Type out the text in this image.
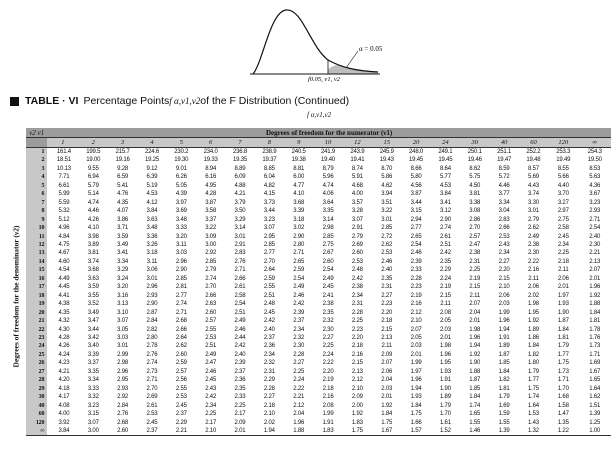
α = 0.05
f0.05, ν1, ν2
TABLE · VI Percentage Points f α,ν1,ν2 of the F Distribution (Continued)
f α,ν1,ν2
Degrees of freedom for the denominator (ν2)
ν2 ν1	Degrees of freedom for the numerator (ν1)																		
	1	2	3	4	5	6	7	8	9	10	12	15	20	24	30	40	60	120	∞
1	161.4	199.5	215.7	224.6	230.2	234.0	236.8	238.9	240.5	241.9	243.9	245.9	248.0	249.1	250.1	251.1	252.2	253.3	254.3
2	18.51	19.00	19.16	19.25	19.30	19.33	19.35	19.37	19.38	19.40	19.41	19.43	19.45	19.45	19.46	19.47	19.48	19.49	19.50
3	10.13	9.55	9.28	9.12	9.01	8.94	8.89	8.85	8.81	8.79	8.74	8.70	8.66	8.64	8.62	8.59	8.57	8.55	8.53
4	7.71	6.94	6.59	6.39	6.26	6.16	6.09	6.04	6.00	5.96	5.91	5.86	5.80	5.77	5.75	5.72	5.69	5.66	5.63
5	6.61	5.79	5.41	5.19	5.05	4.95	4.88	4.82	4.77	4.74	4.68	4.62	4.56	4.53	4.50	4.46	4.43	4.40	4.36
6	5.99	5.14	4.76	4.53	4.39	4.28	4.21	4.15	4.10	4.06	4.00	3.94	3.87	3.84	3.81	3.77	3.74	3.70	3.67
7	5.59	4.74	4.35	4.12	3.97	3.87	3.79	3.73	3.68	3.64	3.57	3.51	3.44	3.41	3.38	3.34	3.30	3.27	3.23
8	5.32	4.46	4.07	3.84	3.69	3.58	3.50	3.44	3.39	3.35	3.28	3.22	3.15	3.12	3.08	3.04	3.01	2.97	2.93
9	5.12	4.26	3.86	3.63	3.48	3.37	3.29	3.23	3.18	3.14	3.07	3.01	2.94	2.90	2.86	2.83	2.79	2.75	2.71
10	4.96	4.10	3.71	3.48	3.33	3.22	3.14	3.07	3.02	2.98	2.91	2.85	2.77	2.74	2.70	2.66	2.62	2.58	2.54
11	4.84	3.98	3.59	3.36	3.20	3.09	3.01	2.95	2.90	2.85	2.79	2.72	2.65	2.61	2.57	2.53	2.49	2.45	2.40
12	4.75	3.89	3.49	3.26	3.11	3.00	2.91	2.85	2.80	2.75	2.69	2.62	2.54	2.51	2.47	2.43	2.38	2.34	2.30
13	4.67	3.81	3.41	3.18	3.03	2.92	2.83	2.77	2.71	2.67	2.60	2.53	2.46	2.42	2.38	2.34	2.30	2.25	2.21
14	4.60	3.74	3.34	3.11	2.96	2.85	2.76	2.70	2.65	2.60	2.53	2.46	2.39	2.35	2.31	2.27	2.22	2.18	2.13
15	4.54	3.68	3.29	3.06	2.90	2.79	2.71	2.64	2.59	2.54	2.48	2.40	2.33	2.29	2.25	2.20	2.16	2.11	2.07
16	4.49	3.63	3.24	3.01	2.85	2.74	2.66	2.59	2.54	2.49	2.42	2.35	2.28	2.24	2.19	2.15	2.11	2.06	2.01
17	4.45	3.59	3.20	2.96	2.81	2.70	2.61	2.55	2.49	2.45	2.38	2.31	2.23	2.19	2.15	2.10	2.06	2.01	1.96
18	4.41	3.55	3.16	2.93	2.77	2.66	2.58	2.51	2.46	2.41	2.34	2.27	2.19	2.15	2.11	2.06	2.02	1.97	1.92
19	4.38	3.52	3.13	2.90	2.74	2.63	2.54	2.48	2.42	2.38	2.31	2.23	2.16	2.11	2.07	2.03	1.98	1.93	1.88
20	4.35	3.49	3.10	2.87	2.71	2.60	2.51	2.45	2.39	2.35	2.28	2.20	2.12	2.08	2.04	1.99	1.95	1.90	1.84
21	4.32	3.47	3.07	2.84	2.68	2.57	2.49	2.42	2.37	2.32	2.25	2.18	2.10	2.05	2.01	1.96	1.92	1.87	1.81
22	4.30	3.44	3.05	2.82	2.66	2.55	2.46	2.40	2.34	2.30	2.23	2.15	2.07	2.03	1.98	1.94	1.89	1.84	1.78
23	4.28	3.42	3.03	2.80	2.64	2.53	2.44	2.37	2.32	2.27	2.20	2.13	2.05	2.01	1.96	1.91	1.86	1.81	1.76
24	4.26	3.40	3.01	2.78	2.62	2.51	2.42	2.36	2.30	2.25	2.18	2.11	2.03	1.98	1.94	1.89	1.84	1.79	1.73
25	4.24	3.39	2.99	2.76	2.60	2.49	2.40	2.34	2.28	2.24	2.16	2.09	2.01	1.96	1.92	1.87	1.82	1.77	1.71
26	4.23	3.37	2.98	2.74	2.59	2.47	2.39	2.32	2.27	2.22	2.15	2.07	1.99	1.95	1.90	1.85	1.80	1.75	1.69
27	4.21	3.35	2.96	2.73	2.57	2.46	2.37	2.31	2.25	2.20	2.13	2.06	1.97	1.93	1.88	1.84	1.79	1.73	1.67
28	4.20	3.34	2.95	2.71	2.56	2.45	2.36	2.29	2.24	2.19	2.12	2.04	1.96	1.91	1.87	1.82	1.77	1.71	1.65
29	4.18	3.33	2.93	2.70	2.55	2.43	2.35	2.28	2.22	2.18	2.10	2.03	1.94	1.90	1.85	1.81	1.75	1.70	1.64
30	4.17	3.32	2.92	2.69	2.53	2.42	2.33	2.27	2.21	2.16	2.09	2.01	1.93	1.89	1.84	1.79	1.74	1.68	1.62
40	4.08	3.23	2.84	2.61	2.45	2.34	2.25	2.18	2.12	2.08	2.00	1.92	1.84	1.79	1.74	1.69	1.64	1.58	1.51
60	4.00	3.15	2.76	2.53	2.37	2.25	2.17	2.10	2.04	1.99	1.92	1.84	1.75	1.70	1.65	1.59	1.53	1.47	1.39
120	3.92	3.07	2.68	2.45	2.29	2.17	2.09	2.02	1.96	1.91	1.83	1.75	1.66	1.61	1.55	1.55	1.43	1.35	1.25
∞	3.84	3.00	2.60	2.37	2.21	2.10	2.01	1.94	1.88	1.83	1.75	1.67	1.57	1.52	1.46	1.39	1.32	1.22	1.00
